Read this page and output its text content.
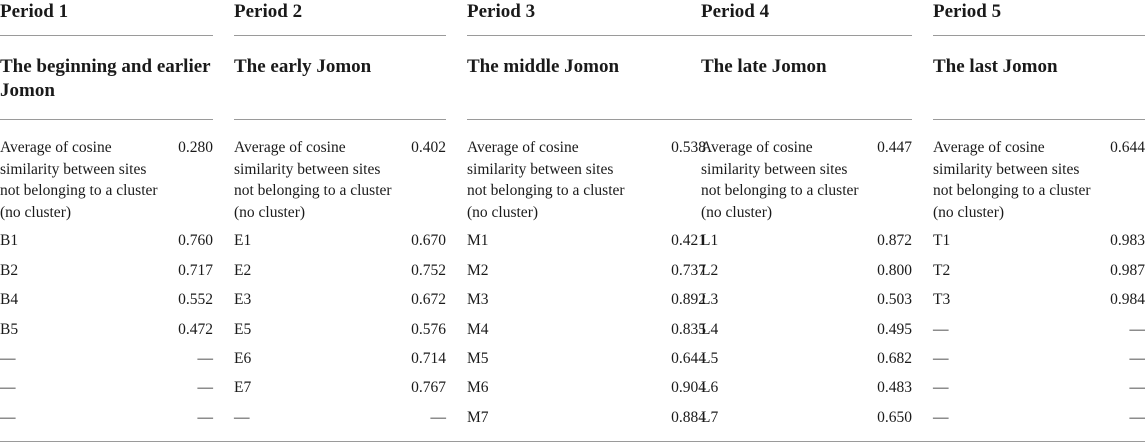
Period 1
The beginning and earlier Jomon
Average of cosine similarity between sites not belonging to a cluster (no cluster)
0.280
B1	0.760
B2	0.717
B4	0.552
B5	0.472
—	—
—	—
—	—
Period 2
The early Jomon
Average of cosine similarity between sites not belonging to a cluster (no cluster)
0.402
E1	0.670
E2	0.752
E3	0.672
E5	0.576
E6	0.714
E7	0.767
—	—
Period 3
The middle Jomon
Average of cosine similarity between sites not belonging to a cluster (no cluster)
0.538
M1	0.421
M2	0.737
M3	0.892
M4	0.835
M5	0.644
M6	0.904
M7	0.884
Period 4
The late Jomon
Average of cosine similarity between sites not belonging to a cluster (no cluster)
0.447
L1	0.872
L2	0.800
L3	0.503
L4	0.495
L5	0.682
L6	0.483
L7	0.650
Period 5
The last Jomon
Average of cosine similarity between sites not belonging to a cluster (no cluster)
0.644
T1	0.983
T2	0.987
T3	0.984
—	—
—	—
—	—
—	—
